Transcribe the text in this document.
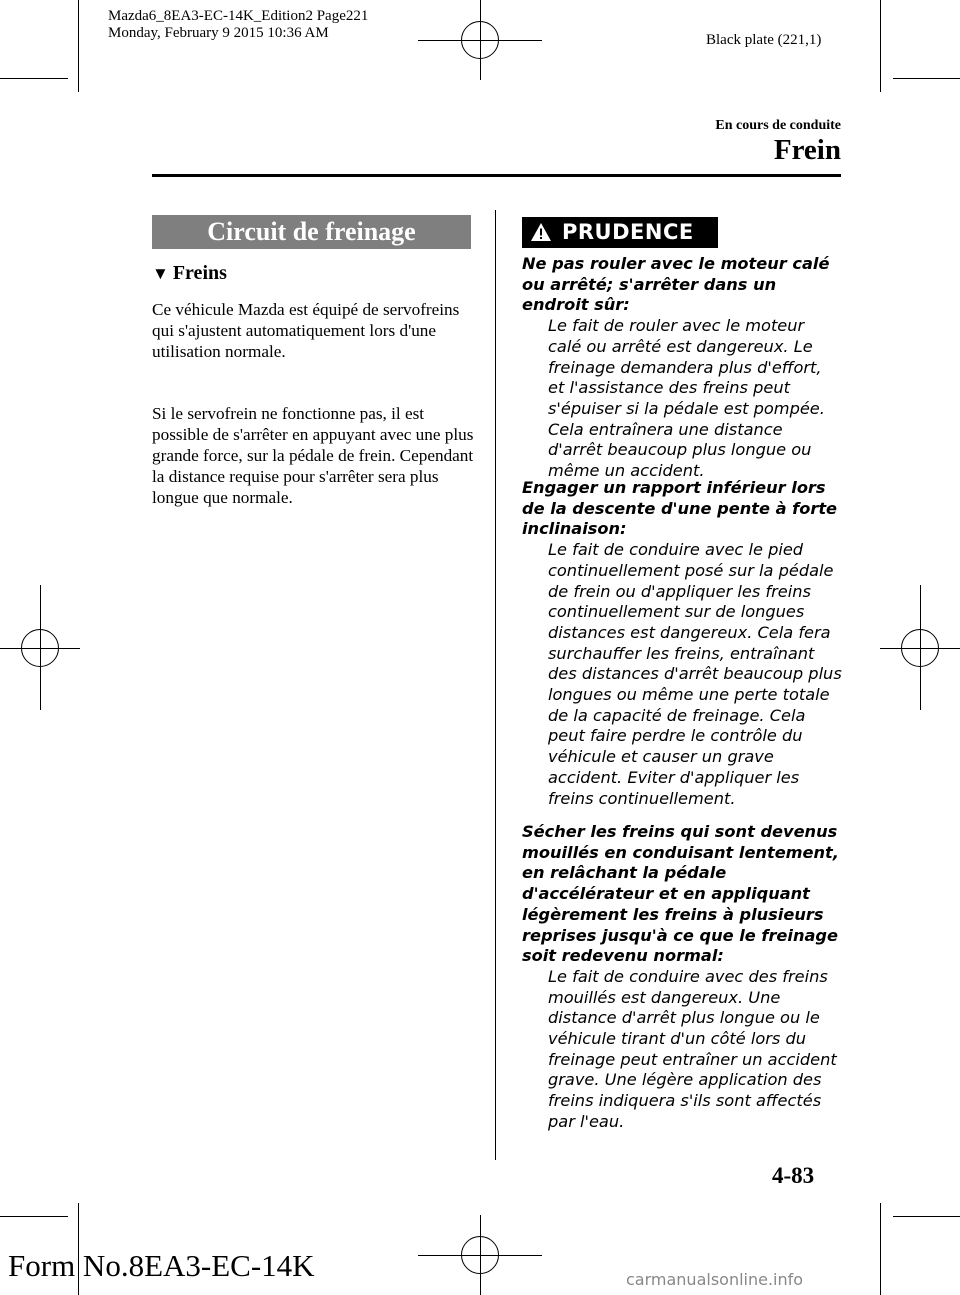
Mazda6_8EA3-EC-14K_Edition2 Page221
Monday, February 9 2015 10:36 AM	Black plate (221,1)
En cours de conduite
Frein
Circuit de freinage
▼ Freins

Ce véhicule Mazda est équipé de servofreins qui s'ajustent automatiquement lors d'une utilisation normale.

Si le servofrein ne fonctionne pas, il est possible de s'arrêter en appuyant avec une plus grande force, sur la pédale de frein. Cependant la distance requise pour s'arrêter sera plus longue que normale.

PRUDENCE
Ne pas rouler avec le moteur calé ou arrêté; s'arrêter dans un endroit sûr:
Le fait de rouler avec le moteur calé ou arrêté est dangereux. Le freinage demandera plus d'effort, et l'assistance des freins peut s'épuiser si la pédale est pompée. Cela entraînera une distance d'arrêt beaucoup plus longue ou même un accident.
Engager un rapport inférieur lors de la descente d'une pente à forte inclinaison:
Le fait de conduire avec le pied continuellement posé sur la pédale de frein ou d'appliquer les freins continuellement sur de longues distances est dangereux. Cela fera surchauffer les freins, entraînant des distances d'arrêt beaucoup plus longues ou même une perte totale de la capacité de freinage. Cela peut faire perdre le contrôle du véhicule et causer un grave accident. Eviter d'appliquer les freins continuellement.
Sécher les freins qui sont devenus mouillés en conduisant lentement, en relâchant la pédale d'accélérateur et en appliquant légèrement les freins à plusieurs reprises jusqu'à ce que le freinage soit redevenu normal:
Le fait de conduire avec des freins mouillés est dangereux. Une distance d'arrêt plus longue ou le véhicule tirant d'un côté lors du freinage peut entraîner un accident grave. Une légère application des freins indiquera s'ils sont affectés par l'eau.
4-83
Form No.8EA3-EC-14K	carmanualsonline.info
